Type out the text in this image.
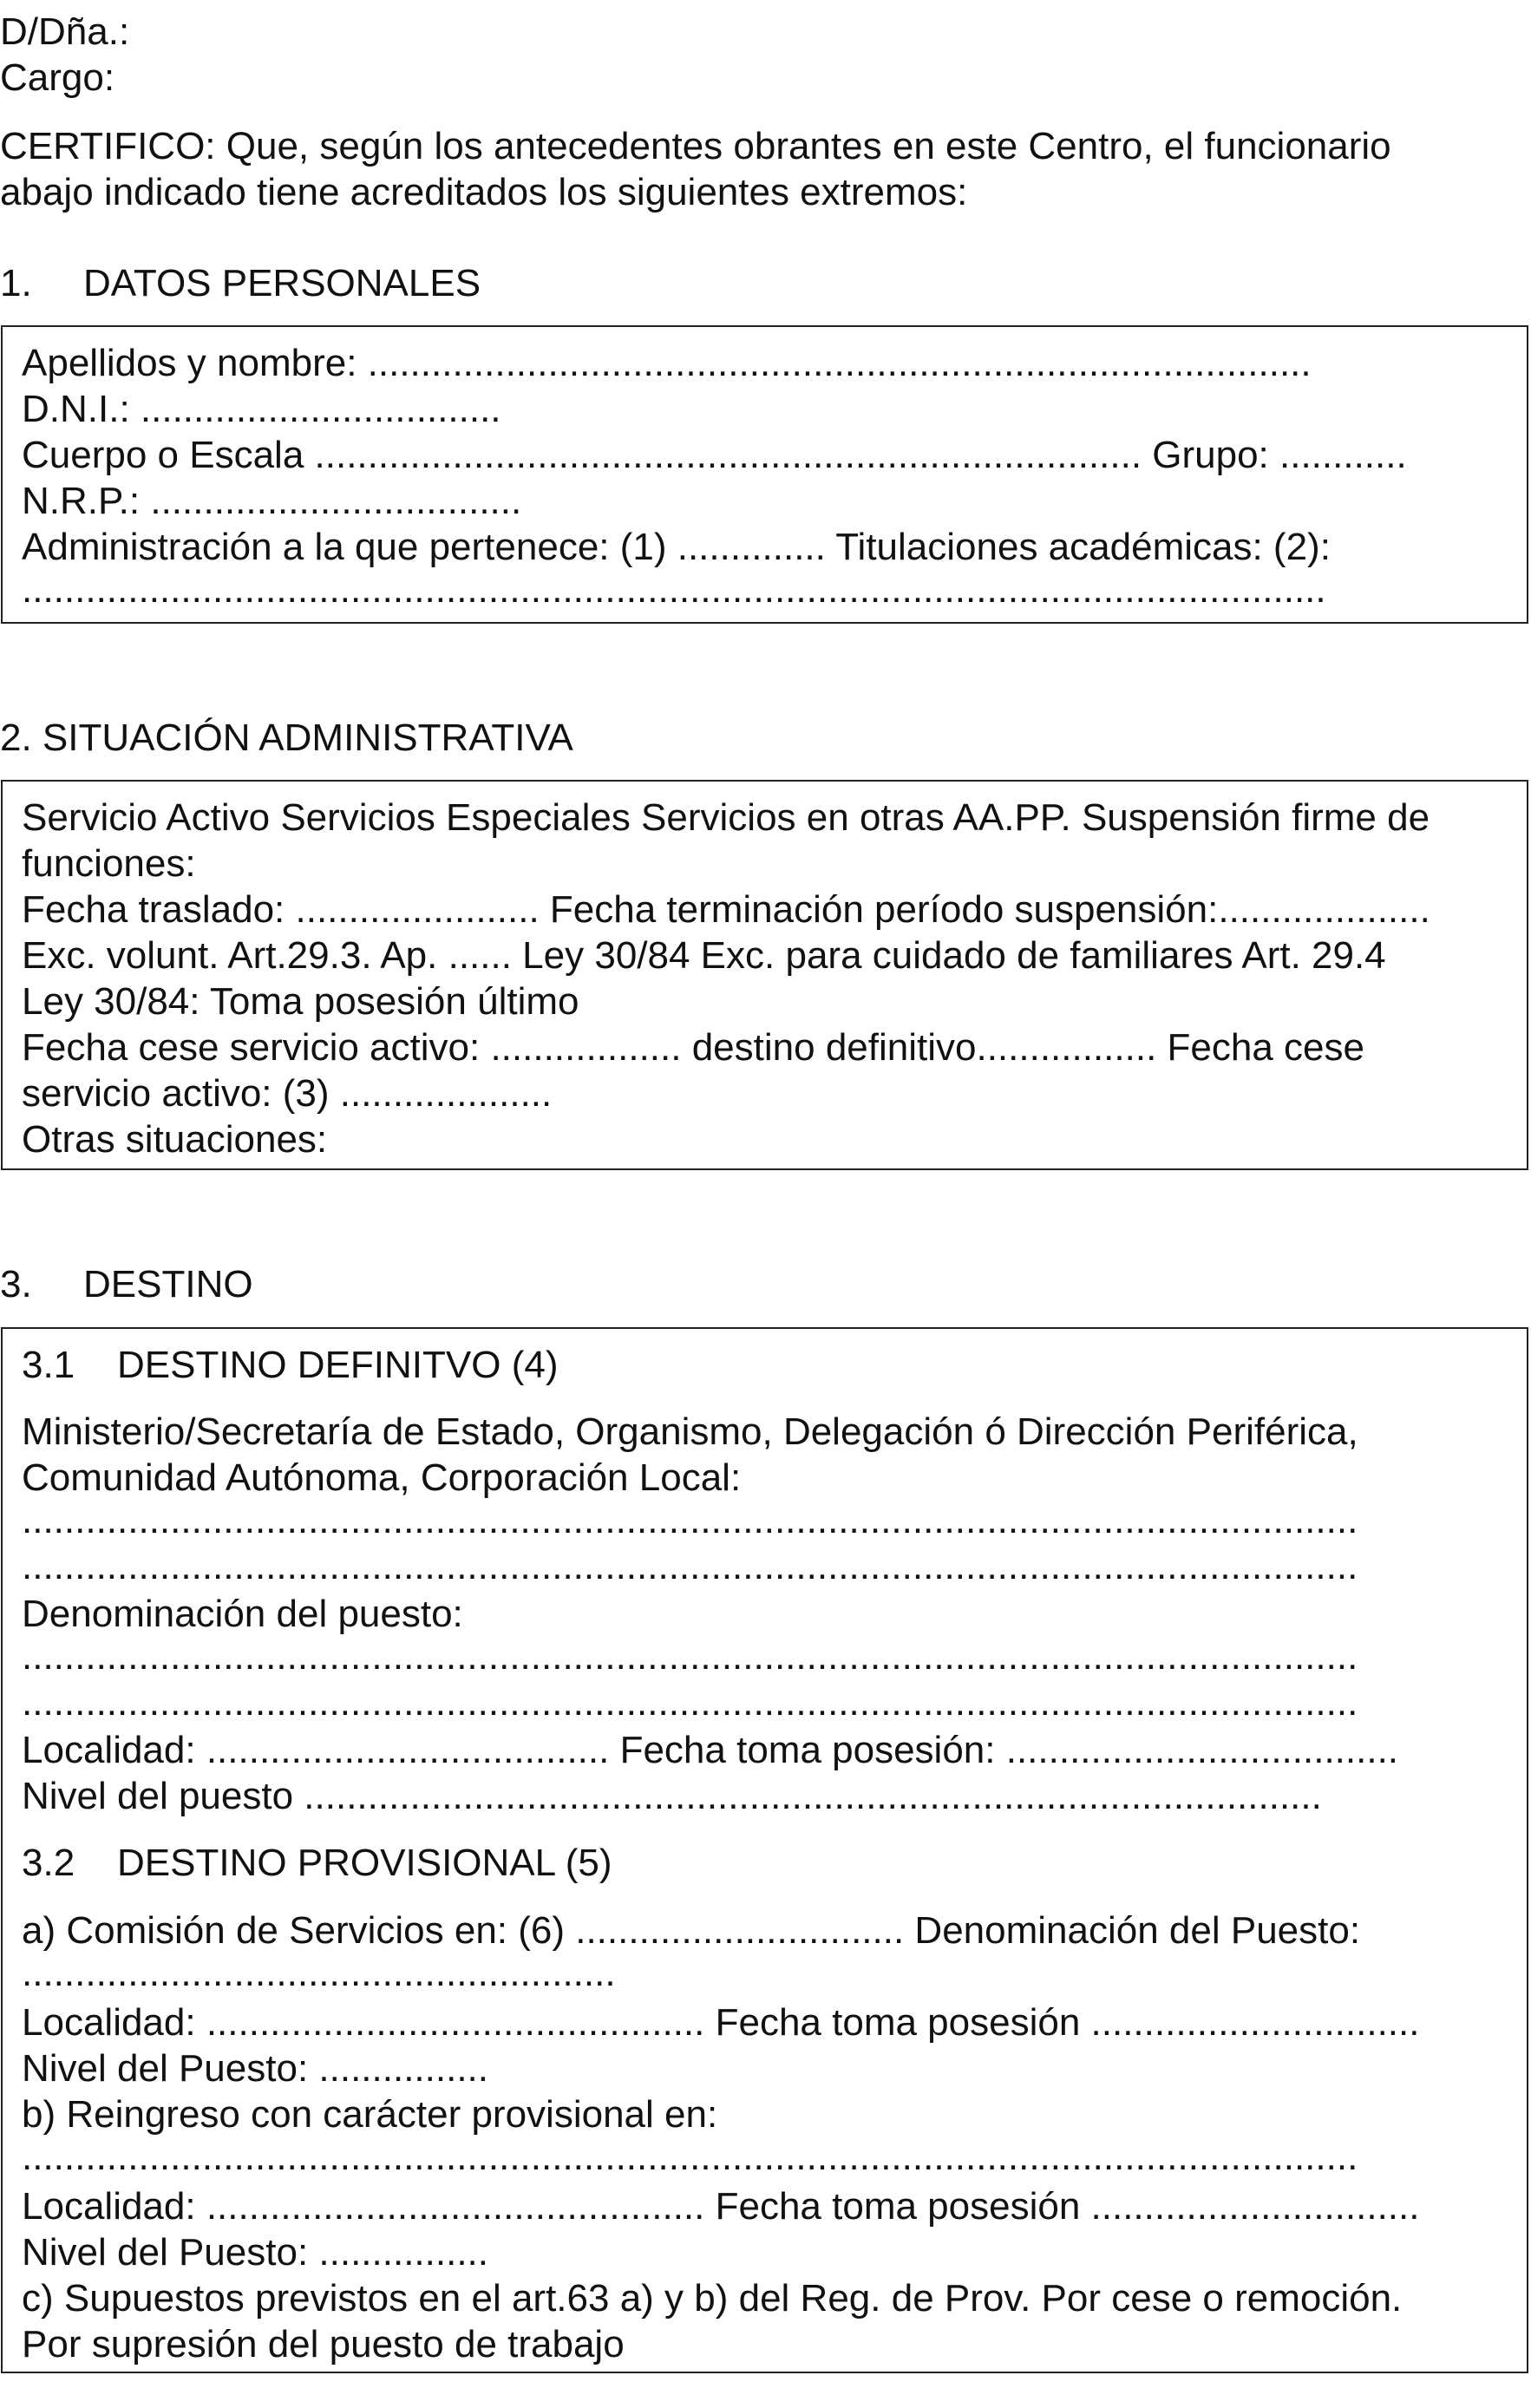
D/Dña.:
Cargo:
CERTIFICO: Que, según los antecedentes obrantes en este Centro, el funcionario
abajo indicado tiene acreditados los siguientes extremos:
1. DATOS PERSONALES
Apellidos y nombre: .........................................................................................
D.N.I.: ..................................
Cuerpo o Escala .............................................................................. Grupo: ............
N.R.P.: ...................................
Administración a la que pertenece: (1) .............. Titulaciones académicas: (2):
...........................................................................................................................
2. SITUACIÓN ADMINISTRATIVA
Servicio Activo Servicios Especiales Servicios en otras AA.PP. Suspensión firme de
funciones:
Fecha traslado: ....................... Fecha terminación período suspensión:....................
Exc. volunt. Art.29.3. Ap. ...... Ley 30/84 Exc. para cuidado de familiares Art. 29.4
Ley 30/84: Toma posesión último
Fecha cese servicio activo: .................. destino definitivo................. Fecha cese
servicio activo: (3) ....................
Otras situaciones:
3. DESTINO
3.1 DESTINO DEFINITVO (4)
Ministerio/Secretaría de Estado, Organismo, Delegación ó Dirección Periférica,
Comunidad Autónoma, Corporación Local:
..............................................................................................................................
..............................................................................................................................
Denominación del puesto:
..............................................................................................................................
..............................................................................................................................
Localidad: ...................................... Fecha toma posesión: .....................................
Nivel del puesto ................................................................................................
3.2 DESTINO PROVISIONAL (5)
a) Comisión de Servicios en: (6) ............................... Denominación del Puesto:
........................................................
Localidad: ............................................... Fecha toma posesión ...............................
Nivel del Puesto: ................
b) Reingreso con carácter provisional en:
..............................................................................................................................
Localidad: ............................................... Fecha toma posesión ...............................
Nivel del Puesto: ................
c) Supuestos previstos en el art.63 a) y b) del Reg. de Prov. Por cese o remoción.
Por supresión del puesto de trabajo
